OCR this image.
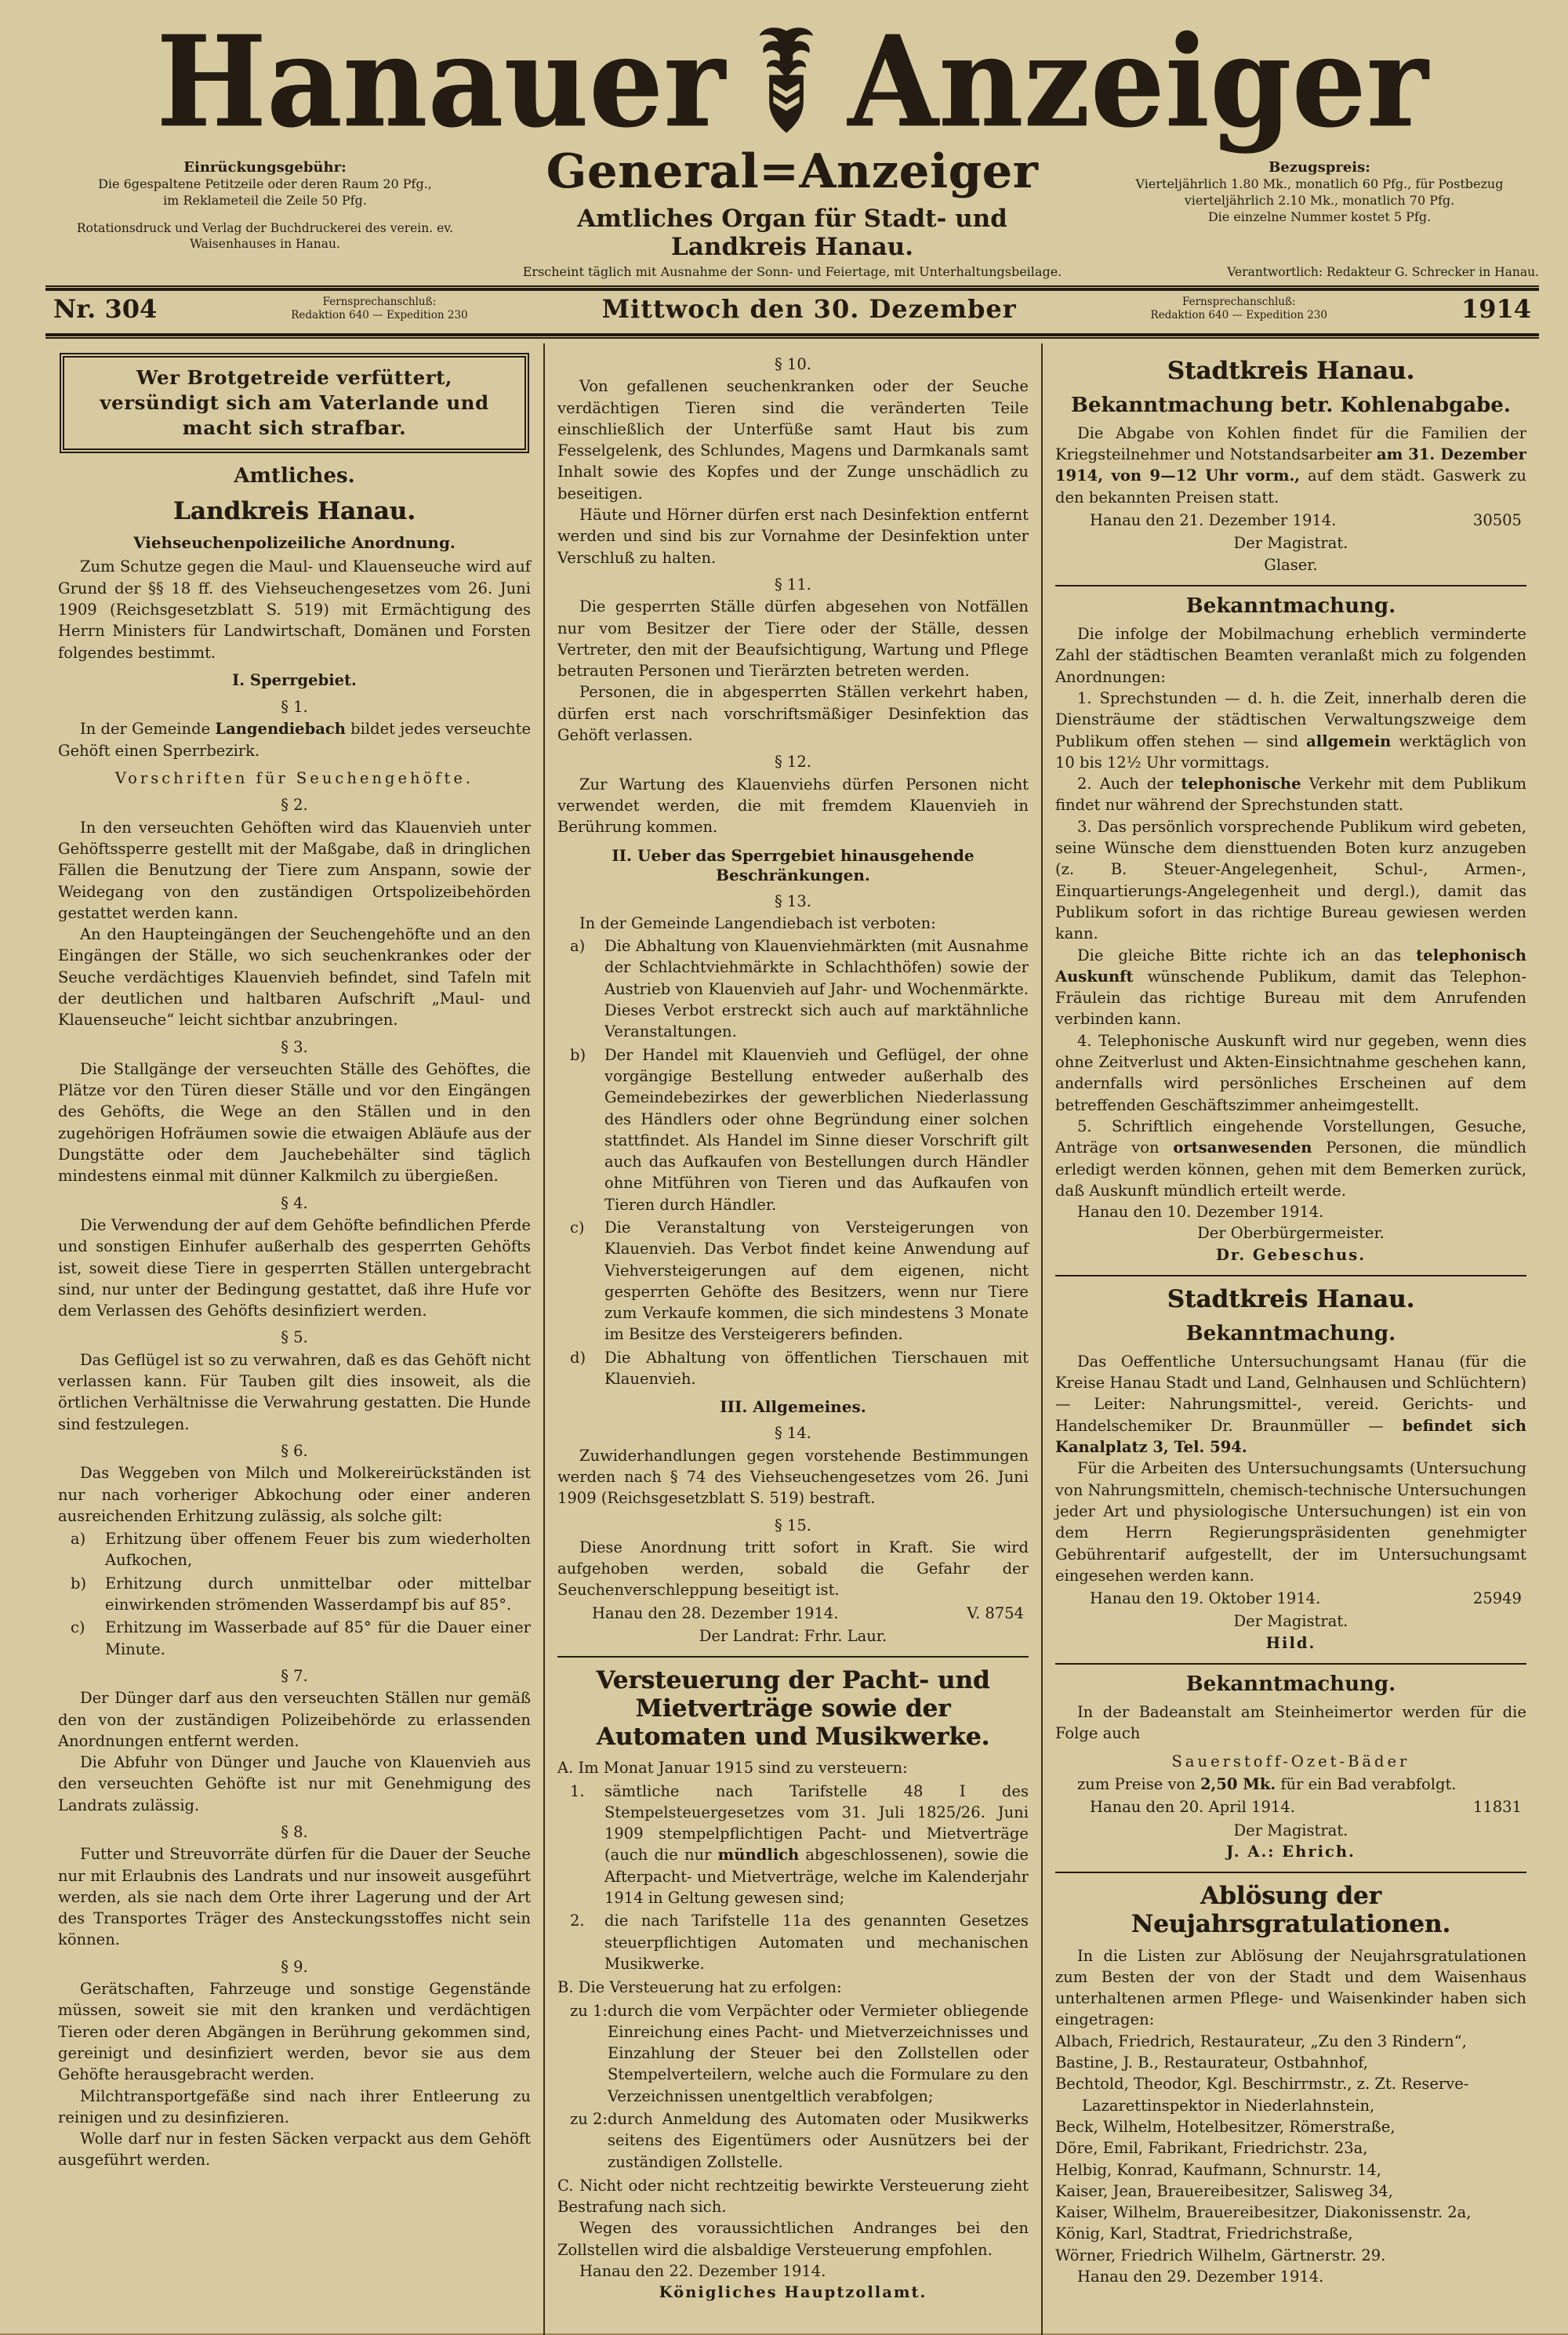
Hanauer Anzeiger
Einrückungsgebühr:
Die 6gespaltene Petitzeile oder deren Raum 20 Pfg.,
im Reklameteil die Zeile 50 Pfg.
Rotationsdruck und Verlag der Buchdruckerei des verein. ev. Waisenhauses in Hanau.
General=Anzeiger
Amtliches Organ für Stadt- und Landkreis Hanau.
Bezugspreis:
Vierteljährlich 1.80 Mk., monatlich 60 Pfg., für Postbezug vierteljährlich 2.10 Mk., monatlich 70 Pfg.
Die einzelne Nummer kostet 5 Pfg.
Erscheint täglich mit Ausnahme der Sonn- und Feiertage, mit Unterhaltungsbeilage.	Verantwortlich: Redakteur G. Schrecker in Hanau.
Nr. 304	Fernsprechanschluß:
Redaktion 640 — Expedition 230	Mittwoch den 30. Dezember	Fernsprechanschluß:
Redaktion 640 — Expedition 230	1914
Wer Brotgetreide verfüttert, versündigt sich am Vaterlande und macht sich strafbar.
Amtliches.
Landkreis Hanau.
Viehseuchenpolizeiliche Anordnung.
Zum Schutze gegen die Maul- und Klauenseuche wird auf Grund der §§ 18 ff. des Viehseuchengesetzes vom 26. Juni 1909 (Reichsgesetzblatt S. 519) mit Ermächtigung des Herrn Ministers für Landwirtschaft, Domänen und Forsten folgendes bestimmt.
I. Sperrgebiet.
§ 1.
In der Gemeinde Langendiebach bildet jedes verseuchte Gehöft einen Sperrbezirk.
Vorschriften für Seuchengehöfte.
§ 2.
In den verseuchten Gehöften wird das Klauenvieh unter Gehöftssperre gestellt mit der Maßgabe, daß in dringlichen Fällen die Benutzung der Tiere zum Anspann, sowie der Weidegang von den zuständigen Ortspolizeibehörden gestattet werden kann.
An den Haupteingängen der Seuchengehöfte und an den Eingängen der Ställe, wo sich seuchenkrankes oder der Seuche verdächtiges Klauenvieh befindet, sind Tafeln mit der deutlichen und haltbaren Aufschrift „Maul- und Klauenseuche“ leicht sichtbar anzubringen.
§ 3.
Die Stallgänge der verseuchten Ställe des Gehöftes, die Plätze vor den Türen dieser Ställe und vor den Eingängen des Gehöfts, die Wege an den Ställen und in den zugehörigen Hofräumen sowie die etwaigen Abläufe aus der Dungstätte oder dem Jauchebehälter sind täglich mindestens einmal mit dünner Kalkmilch zu übergießen.
§ 4.
Die Verwendung der auf dem Gehöfte befindlichen Pferde und sonstigen Einhufer außerhalb des gesperrten Gehöfts ist, soweit diese Tiere in gesperrten Ställen untergebracht sind, nur unter der Bedingung gestattet, daß ihre Hufe vor dem Verlassen des Gehöfts desinfiziert werden.
§ 5.
Das Geflügel ist so zu verwahren, daß es das Gehöft nicht verlassen kann. Für Tauben gilt dies insoweit, als die örtlichen Verhältnisse die Verwahrung gestatten. Die Hunde sind festzulegen.
§ 6.
Das Weggeben von Milch und Molkereirückständen ist nur nach vorheriger Abkochung oder einer anderen ausreichenden Erhitzung zulässig, als solche gilt:
a)	Erhitzung über offenem Feuer bis zum wiederholten Aufkochen,
b)	Erhitzung durch unmittelbar oder mittelbar einwirkenden strömenden Wasserdampf bis auf 85°.
c)	Erhitzung im Wasserbade auf 85° für die Dauer einer Minute.
§ 7.
Der Dünger darf aus den verseuchten Ställen nur gemäß den von der zuständigen Polizeibehörde zu erlassenden Anordnungen entfernt werden.
Die Abfuhr von Dünger und Jauche von Klauenvieh aus den verseuchten Gehöfte ist nur mit Genehmigung des Landrats zulässig.
§ 8.
Futter und Streuvorräte dürfen für die Dauer der Seuche nur mit Erlaubnis des Landrats und nur insoweit ausgeführt werden, als sie nach dem Orte ihrer Lagerung und der Art des Transportes Träger des Ansteckungsstoffes nicht sein können.
§ 9.
Gerätschaften, Fahrzeuge und sonstige Gegenstände müssen, soweit sie mit den kranken und verdächtigen Tieren oder deren Abgängen in Berührung gekommen sind, gereinigt und desinfiziert werden, bevor sie aus dem Gehöfte herausgebracht werden.
Milchtransportgefäße sind nach ihrer Entleerung zu reinigen und zu desinfizieren.
Wolle darf nur in festen Säcken verpackt aus dem Gehöft ausgeführt werden.
§ 10.
Von gefallenen seuchenkranken oder der Seuche verdächtigen Tieren sind die veränderten Teile einschließlich der Unterfüße samt Haut bis zum Fesselgelenk, des Schlundes, Magens und Darmkanals samt Inhalt sowie des Kopfes und der Zunge unschädlich zu beseitigen.
Häute und Hörner dürfen erst nach Desinfektion entfernt werden und sind bis zur Vornahme der Desinfektion unter Verschluß zu halten.
§ 11.
Die gesperrten Ställe dürfen abgesehen von Notfällen nur vom Besitzer der Tiere oder der Ställe, dessen Vertreter, den mit der Beaufsichtigung, Wartung und Pflege betrauten Personen und Tierärzten betreten werden.
Personen, die in abgesperrten Ställen verkehrt haben, dürfen erst nach vorschriftsmäßiger Desinfektion das Gehöft verlassen.
§ 12.
Zur Wartung des Klauenviehs dürfen Personen nicht verwendet werden, die mit fremdem Klauenvieh in Berührung kommen.
II. Ueber das Sperrgebiet hinausgehende Beschränkungen.
§ 13.
In der Gemeinde Langendiebach ist verboten:
a)	Die Abhaltung von Klauenviehmärkten (mit Ausnahme der Schlachtviehmärkte in Schlachthöfen) sowie der Austrieb von Klauenvieh auf Jahr- und Wochenmärkte. Dieses Verbot erstreckt sich auch auf marktähnliche Veranstaltungen.
b)	Der Handel mit Klauenvieh und Geflügel, der ohne vorgängige Bestellung entweder außerhalb des Gemeindebezirkes der gewerblichen Niederlassung des Händlers oder ohne Begründung einer solchen stattfindet. Als Handel im Sinne dieser Vorschrift gilt auch das Aufkaufen von Bestellungen durch Händler ohne Mitführen von Tieren und das Aufkaufen von Tieren durch Händler.
c)	Die Veranstaltung von Versteigerungen von Klauenvieh. Das Verbot findet keine Anwendung auf Viehversteigerungen auf dem eigenen, nicht gesperrten Gehöfte des Besitzers, wenn nur Tiere zum Verkaufe kommen, die sich mindestens 3 Monate im Besitze des Versteigerers befinden.
d)	Die Abhaltung von öffentlichen Tierschauen mit Klauenvieh.
III. Allgemeines.
§ 14.
Zuwiderhandlungen gegen vorstehende Bestimmungen werden nach § 74 des Viehseuchengesetzes vom 26. Juni 1909 (Reichsgesetzblatt S. 519) bestraft.
§ 15.
Diese Anordnung tritt sofort in Kraft. Sie wird aufgehoben werden, sobald die Gefahr der Seuchenverschleppung beseitigt ist.
Hanau den 28. Dezember 1914.	V. 8754
Der Landrat: Frhr. Laur.
Versteuerung der Pacht- und Mietverträge sowie der Automaten und Musikwerke.
A. Im Monat Januar 1915 sind zu versteuern:
1.	sämtliche nach Tarifstelle 48 I des Stempelsteuergesetzes vom 31. Juli 1825/26. Juni 1909 stempelpflichtigen Pacht- und Mietverträge (auch die nur mündlich abgeschlossenen), sowie die Afterpacht- und Mietverträge, welche im Kalenderjahr 1914 in Geltung gewesen sind;
2.	die nach Tarifstelle 11a des genannten Gesetzes steuerpflichtigen Automaten und mechanischen Musikwerke.
B. Die Versteuerung hat zu erfolgen:
zu 1: durch die vom Verpächter oder Vermieter obliegende Einreichung eines Pacht- und Mietverzeichnisses und Einzahlung der Steuer bei den Zollstellen oder Stempelverteilern, welche auch die Formulare zu den Verzeichnissen unentgeltlich verabfolgen;
zu 2: durch Anmeldung des Automaten oder Musikwerks seitens des Eigentümers oder Ausnützers bei der zuständigen Zollstelle.
C. Nicht oder nicht rechtzeitig bewirkte Versteuerung zieht Bestrafung nach sich.
Wegen des voraussichtlichen Andranges bei den Zollstellen wird die alsbaldige Versteuerung empfohlen.
Hanau den 22. Dezember 1914.
Königliches Hauptzollamt.
Stadtkreis Hanau.
Bekanntmachung betr. Kohlenabgabe.
Die Abgabe von Kohlen findet für die Familien der Kriegsteilnehmer und Notstandsarbeiter am 31. Dezember 1914, von 9—12 Uhr vorm., auf dem städt. Gaswerk zu den bekannten Preisen statt.
Hanau den 21. Dezember 1914.	30505
Der Magistrat.
Glaser.
Bekanntmachung.
Die infolge der Mobilmachung erheblich verminderte Zahl der städtischen Beamten veranlaßt mich zu folgenden Anordnungen:
1. Sprechstunden — d. h. die Zeit, innerhalb deren die Diensträume der städtischen Verwaltungszweige dem Publikum offen stehen — sind allgemein werktäglich von 10 bis 12½ Uhr vormittags.
2. Auch der telephonische Verkehr mit dem Publikum findet nur während der Sprechstunden statt.
3. Das persönlich vorsprechende Publikum wird gebeten, seine Wünsche dem diensttuenden Boten kurz anzugeben (z. B. Steuer-Angelegenheit, Schul-, Armen-, Einquartierungs-Angelegenheit und dergl.), damit das Publikum sofort in das richtige Bureau gewiesen werden kann.
Die gleiche Bitte richte ich an das telephonisch Auskunft wünschende Publikum, damit das Telephon-Fräulein das richtige Bureau mit dem Anrufenden verbinden kann.
4. Telephonische Auskunft wird nur gegeben, wenn dies ohne Zeitverlust und Akten-Einsichtnahme geschehen kann, andernfalls wird persönliches Erscheinen auf dem betreffenden Geschäftszimmer anheimgestellt.
5. Schriftlich eingehende Vorstellungen, Gesuche, Anträge von ortsanwesenden Personen, die mündlich erledigt werden können, gehen mit dem Bemerken zurück, daß Auskunft mündlich erteilt werde.
Hanau den 10. Dezember 1914.
Der Oberbürgermeister.
Dr. Gebeschus.
Stadtkreis Hanau.
Bekanntmachung.
Das Oeffentliche Untersuchungsamt Hanau (für die Kreise Hanau Stadt und Land, Gelnhausen und Schlüchtern) — Leiter: Nahrungsmittel-, vereid. Gerichts- und Handelschemiker Dr. Braunmüller — befindet sich Kanalplatz 3, Tel. 594.
Für die Arbeiten des Untersuchungsamts (Untersuchung von Nahrungsmitteln, chemisch-technische Untersuchungen jeder Art und physiologische Untersuchungen) ist ein von dem Herrn Regierungspräsidenten genehmigter Gebührentarif aufgestellt, der im Untersuchungsamt eingesehen werden kann.
Hanau den 19. Oktober 1914.	25949
Der Magistrat.
Hild.
Bekanntmachung.
In der Badeanstalt am Steinheimertor werden für die Folge auch
Sauerstoff-Ozet-Bäder
zum Preise von 2,50 Mk. für ein Bad verabfolgt.
Hanau den 20. April 1914.	11831
Der Magistrat.
J. A.: Ehrich.
Ablösung der Neujahrsgratulationen.
In die Listen zur Ablösung der Neujahrsgratulationen zum Besten der von der Stadt und dem Waisenhaus unterhaltenen armen Pflege- und Waisenkinder haben sich eingetragen:
Albach, Friedrich, Restaurateur, „Zu den 3 Rindern“,
Bastine, J. B., Restaurateur, Ostbahnhof,
Bechtold, Theodor, Kgl. Beschirrmstr., z. Zt. Reserve-Lazarettinspektor in Niederlahnstein,
Beck, Wilhelm, Hotelbesitzer, Römerstraße,
Döre, Emil, Fabrikant, Friedrichstr. 23a,
Helbig, Konrad, Kaufmann, Schnurstr. 14,
Kaiser, Jean, Brauereibesitzer, Salisweg 34,
Kaiser, Wilhelm, Brauereibesitzer, Diakonissenstr. 2a,
König, Karl, Stadtrat, Friedrichstraße,
Wörner, Friedrich Wilhelm, Gärtnerstr. 29.
Hanau den 29. Dezember 1914.
